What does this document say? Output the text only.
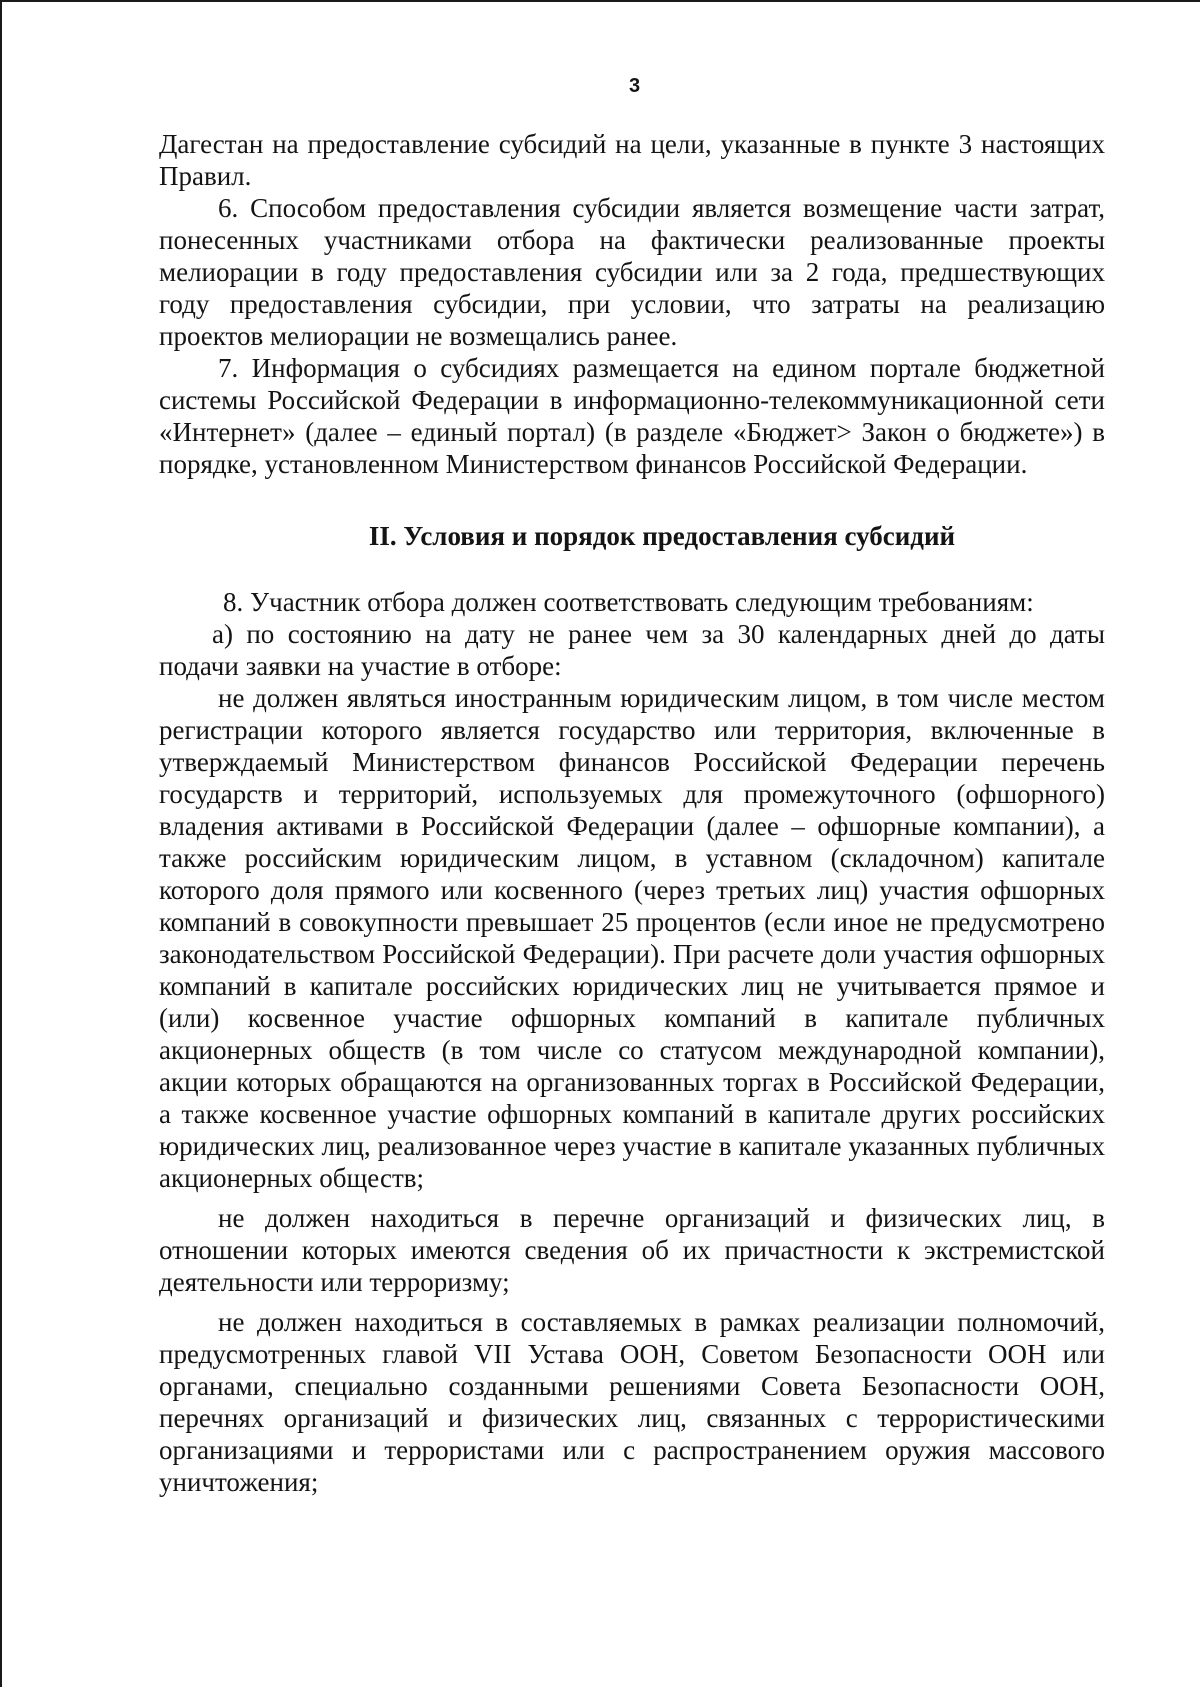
3

Дагестан на предоставление субсидий на цели, указанные в пункте 3 настоящих Правил.

6. Способом предоставления субсидии является возмещение части затрат, понесенных участниками отбора на фактически реализованные проекты мелиорации в году предоставления субсидии или за 2 года, предшествующих году предоставления субсидии, при условии, что затраты на реализацию проектов мелиорации не возмещались ранее.

7. Информация о субсидиях размещается на едином портале бюджетной системы Российской Федерации в информационно-телекоммуникационной сети «Интернет» (далее – единый портал) (в разделе «Бюджет> Закон о бюджете») в порядке, установленном Министерством финансов Российской Федерации.

II. Условия и порядок предоставления субсидий

8. Участник отбора должен соответствовать следующим требованиям:

а) по состоянию на дату не ранее чем за 30 календарных дней до даты подачи заявки на участие в отборе:

не должен являться иностранным юридическим лицом, в том числе местом регистрации которого является государство или территория, включенные в утверждаемый Министерством финансов Российской Федерации перечень государств и территорий, используемых для промежуточного (офшорного) владения активами в Российской Федерации (далее – офшорные компании), а также российским юридическим лицом, в уставном (складочном) капитале которого доля прямого или косвенного (через третьих лиц) участия офшорных компаний в совокупности превышает 25 процентов (если иное не предусмотрено законодательством Российской Федерации). При расчете доли участия офшорных компаний в капитале российских юридических лиц не учитывается прямое и (или) косвенное участие офшорных компаний в капитале публичных акционерных обществ (в том числе со статусом международной компании), акции которых обращаются на организованных торгах в Российской Федерации, а также косвенное участие офшорных компаний в капитале других российских юридических лиц, реализованное через участие в капитале указанных публичных акционерных обществ;

не должен находиться в перечне организаций и физических лиц, в отношении которых имеются сведения об их причастности к экстремистской деятельности или терроризму;

не должен находиться в составляемых в рамках реализации полномочий, предусмотренных главой VII Устава ООН, Советом Безопасности ООН или органами, специально созданными решениями Совета Безопасности ООН, перечнях организаций и физических лиц, связанных с террористическими организациями и террористами или с распространением оружия массового уничтожения;
